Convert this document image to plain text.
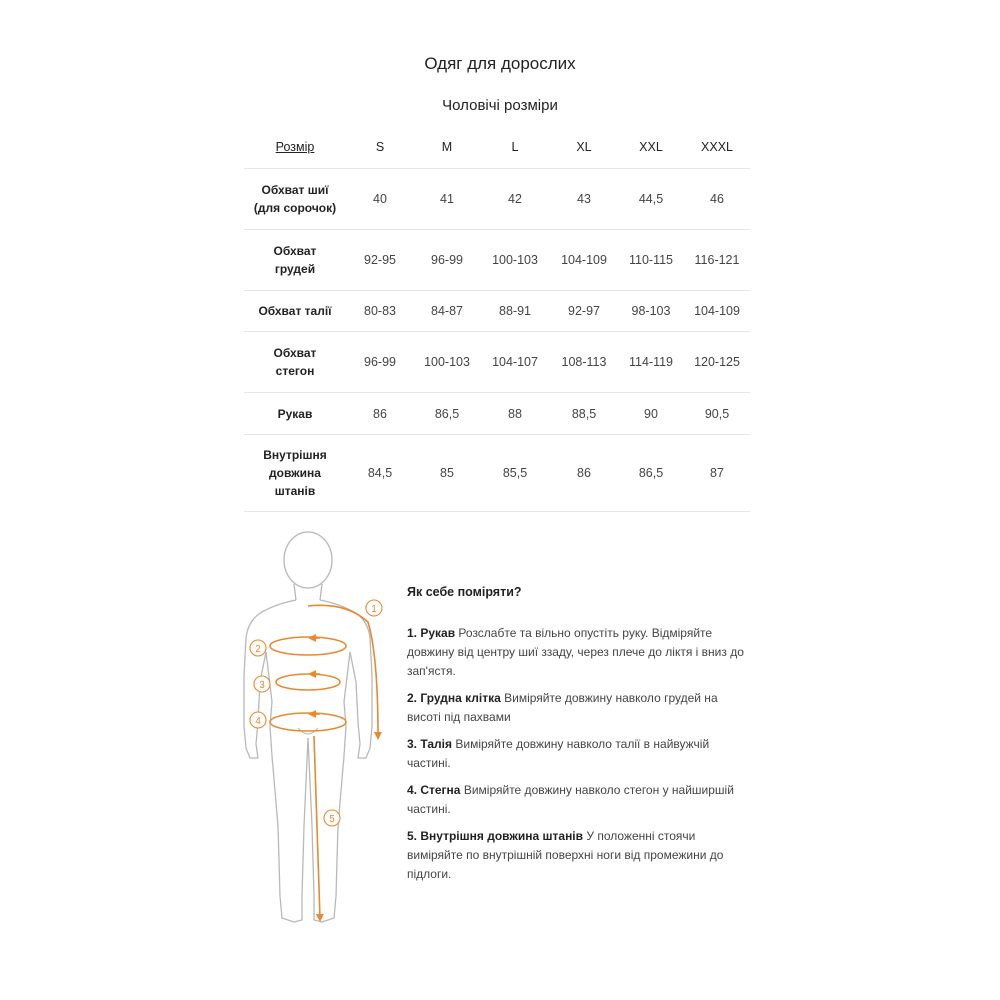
Одяг для дорослих
Чоловічі розміри
Розмір	S	M	L	XL	XXL	XXXL
Обхват шиї
(для сорочок)	40	41	42	43	44,5	46
Обхват
грудей	92-95	96-99	100-103	104-109	110-115	116-121
Обхват талії	80-83	84-87	88-91	92-97	98-103	104-109
Обхват
стегон	96-99	100-103	104-107	108-113	114-119	120-125
Рукав	86	86,5	88	88,5	90	90,5
Внутрішня
довжина
штанів	84,5	85	85,5	86	86,5	87
1
2
3
4
5
Як себе поміряти?

1. Рукав Розслабте та вільно опустіть руку. Відміряйте довжину від центру шиї ззаду, через плече до ліктя і вниз до зап'ястя.

2. Грудна клітка Виміряйте довжину навколо грудей на висоті під пахвами

3. Талія Виміряйте довжину навколо талії в найвужчій частині.

4. Стегна Виміряйте довжину навколо стегон у найширшій частині.

5. Внутрішня довжина штанів У положенні стоячи виміряйте по внутрішній поверхні ноги від промежини до підлоги.
